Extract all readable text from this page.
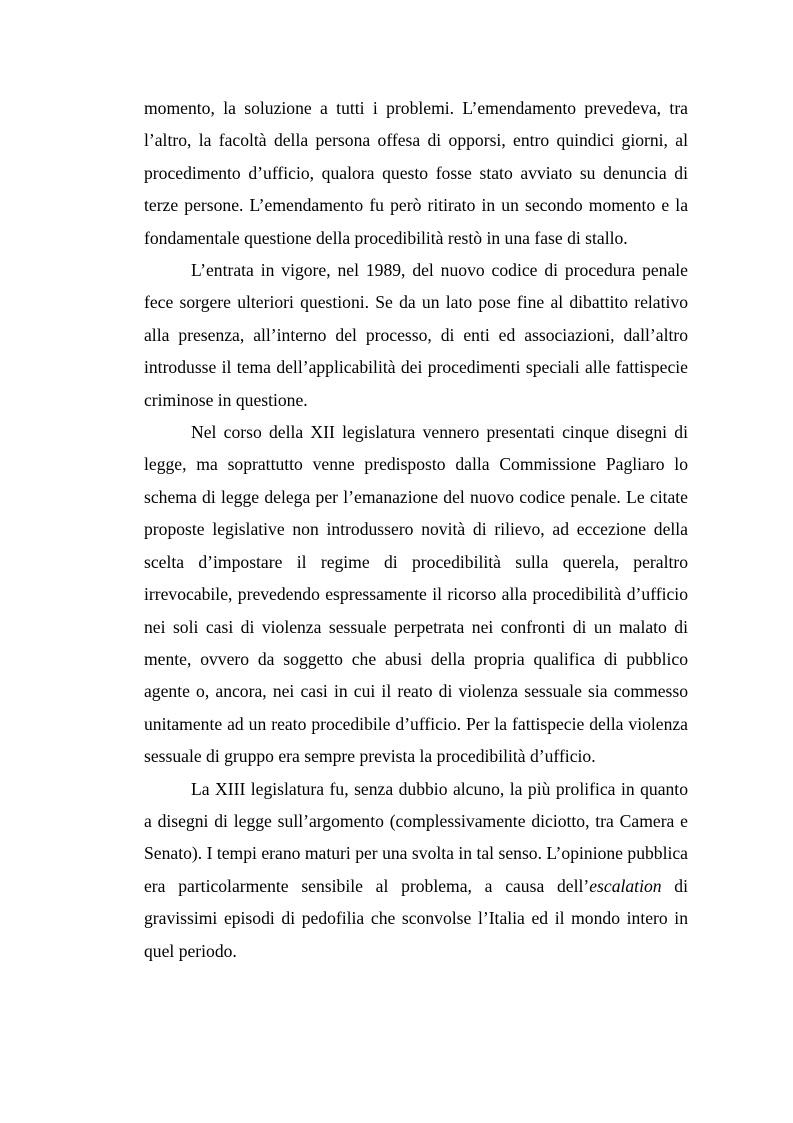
momento, la soluzione a tutti i problemi. L’emendamento prevedeva, tra l’altro, la facoltà della persona offesa di opporsi, entro quindici giorni, al procedimento d’ufficio, qualora questo fosse stato avviato su denuncia di terze persone. L’emendamento fu però ritirato in un secondo momento e la fondamentale questione della procedibilità restò in una fase di stallo.

L’entrata in vigore, nel 1989, del nuovo codice di procedura penale fece sorgere ulteriori questioni. Se da un lato pose fine al dibattito relativo alla presenza, all’interno del processo, di enti ed associazioni, dall’altro introdusse il tema dell’applicabilità dei procedimenti speciali alle fattispecie criminose in questione.

Nel corso della XII legislatura vennero presentati cinque disegni di legge, ma soprattutto venne predisposto dalla Commissione Pagliaro lo schema di legge delega per l’emanazione del nuovo codice penale. Le citate proposte legislative non introdussero novità di rilievo, ad eccezione della scelta d’impostare il regime di procedibilità sulla querela, peraltro irrevocabile, prevedendo espressamente il ricorso alla procedibilità d’ufficio nei soli casi di violenza sessuale perpetrata nei confronti di un malato di mente, ovvero da soggetto che abusi della propria qualifica di pubblico agente o, ancora, nei casi in cui il reato di violenza sessuale sia commesso unitamente ad un reato procedibile d’ufficio. Per la fattispecie della violenza sessuale di gruppo era sempre prevista la procedibilità d’ufficio.

La XIII legislatura fu, senza dubbio alcuno, la più prolifica in quanto a disegni di legge sull’argomento (complessivamente diciotto, tra Camera e Senato). I tempi erano maturi per una svolta in tal senso. L’opinione pubblica era particolarmente sensibile al problema, a causa dell’escalation di gravissimi episodi di pedofilia che sconvolse l’Italia ed il mondo intero in quel periodo.
